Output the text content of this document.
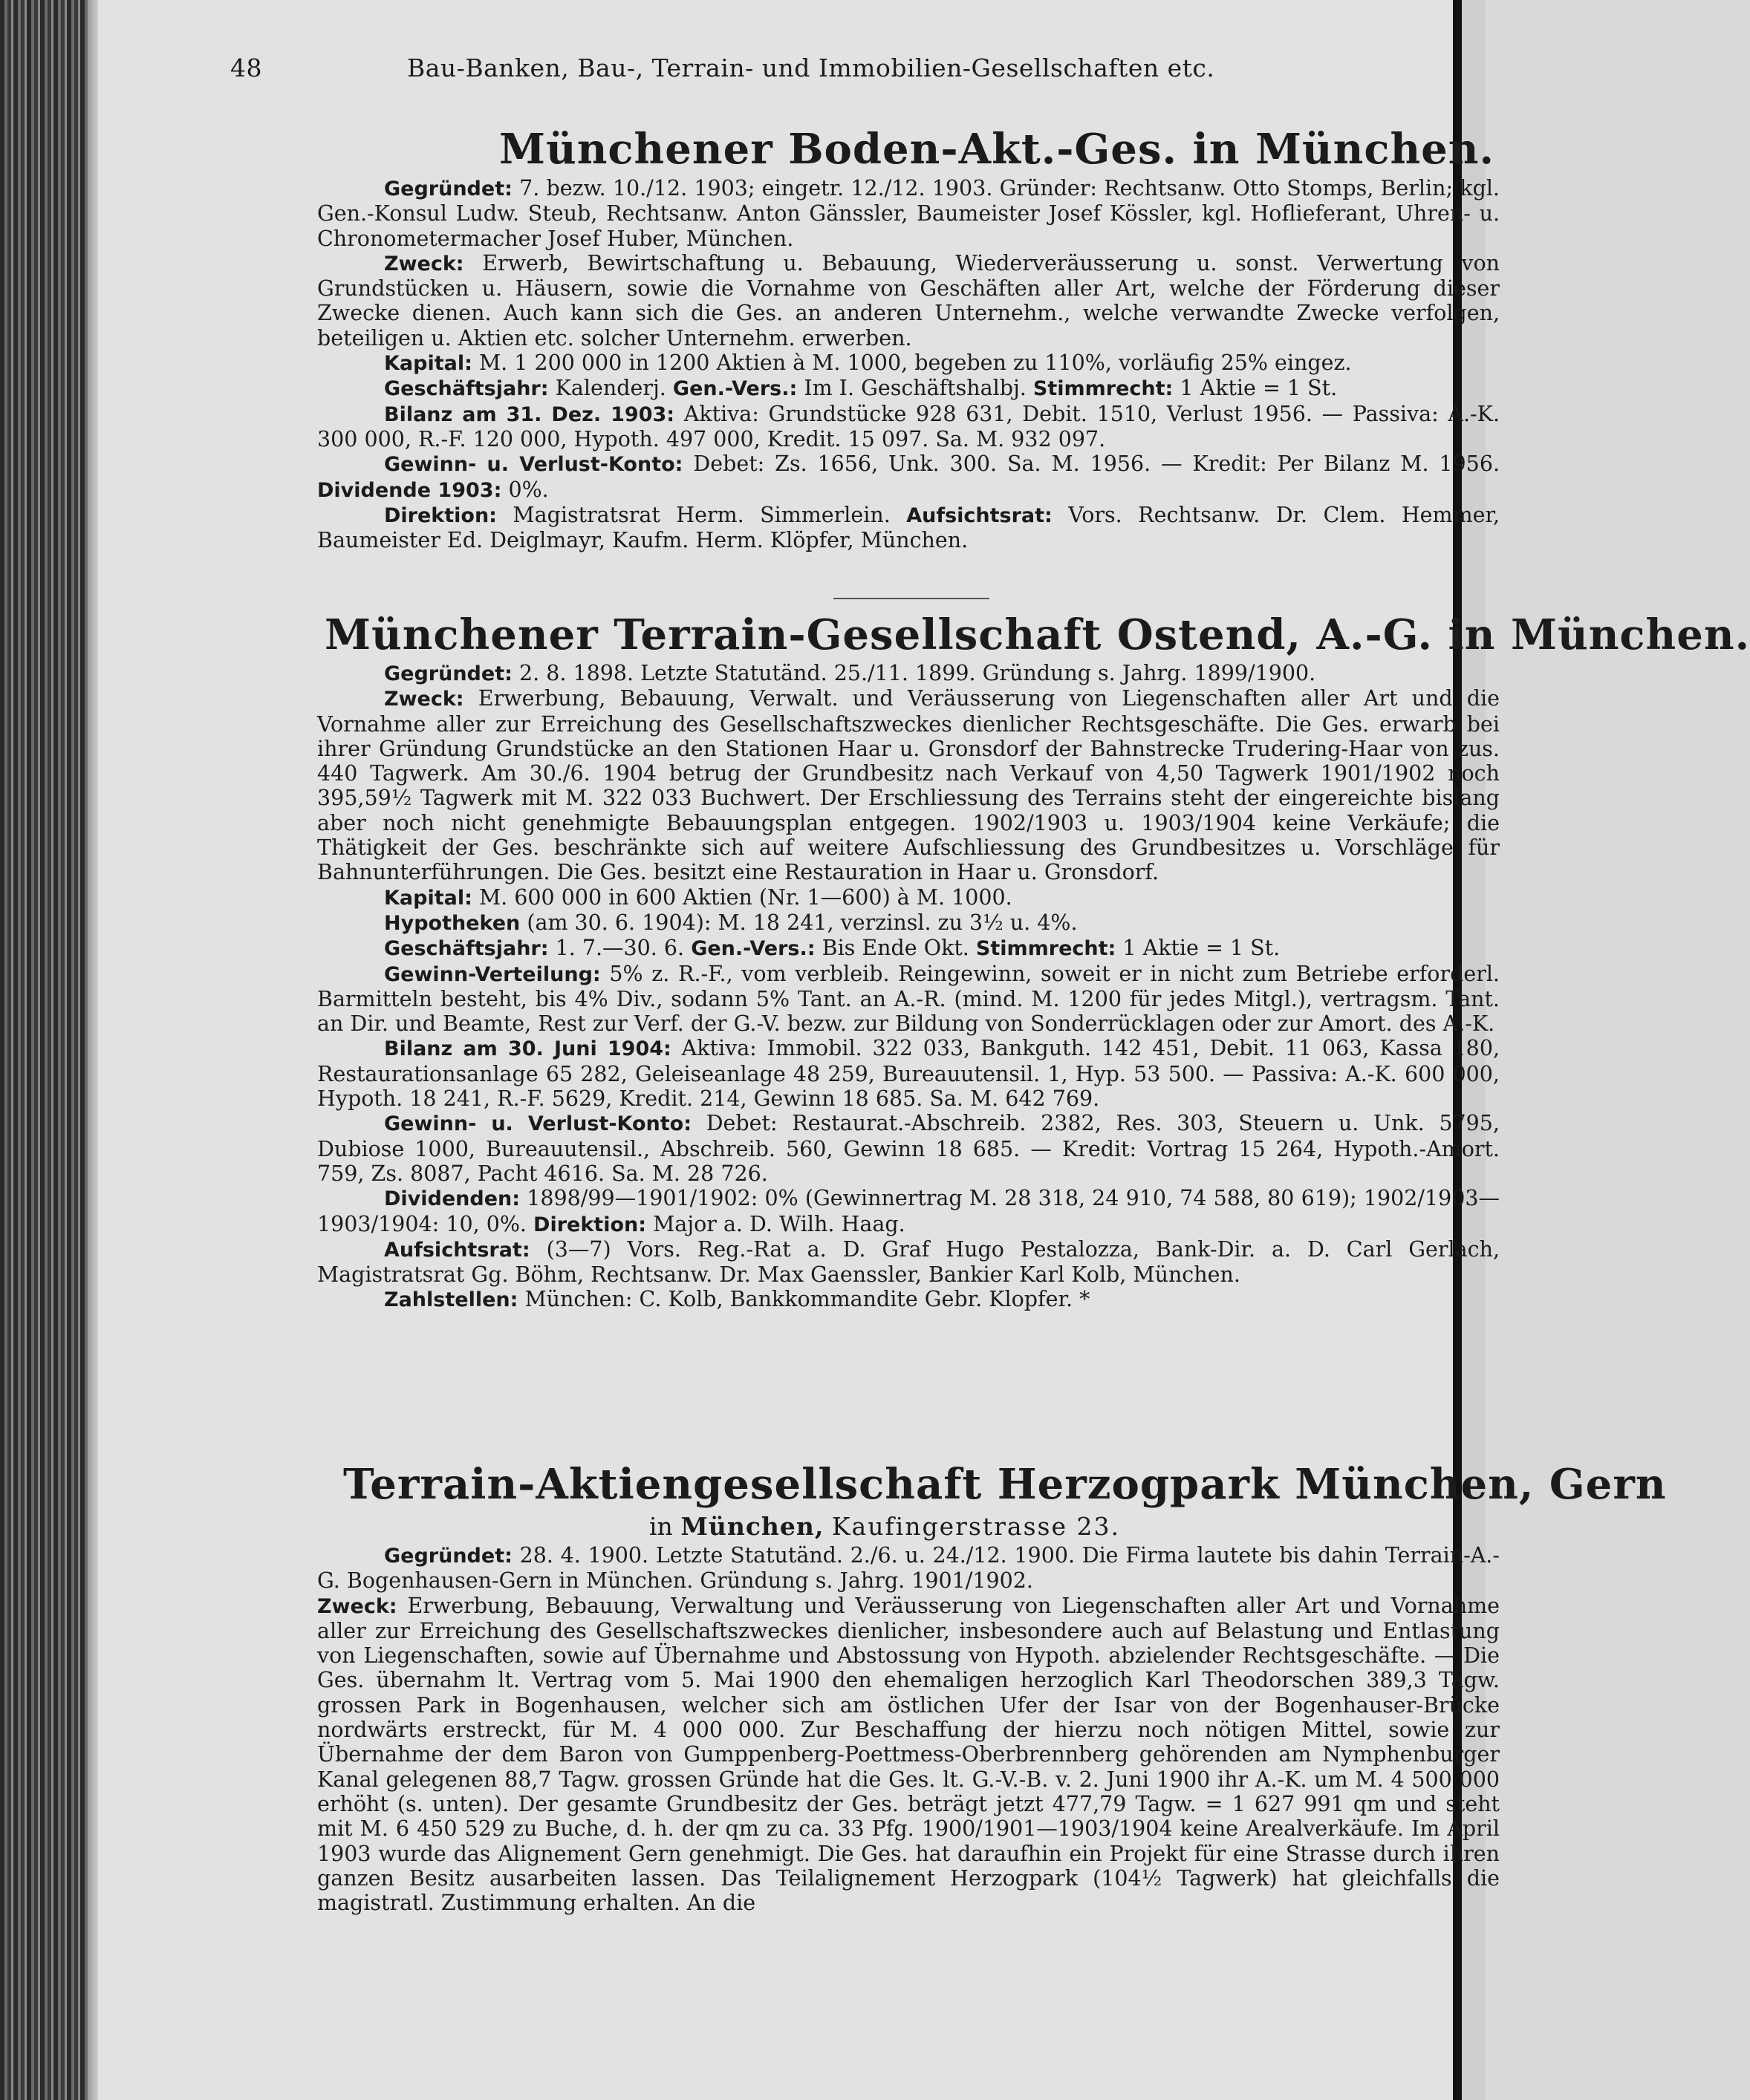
48	Bau-Banken, Bau-, Terrain- und Immobilien-Gesellschaften etc.
Münchener Boden-Akt.-Ges. in München.

Gegründet: 7. bezw. 10./12. 1903; eingetr. 12./12. 1903. Gründer: Rechtsanw. Otto Stomps, Berlin; kgl. Gen.-Konsul Ludw. Steub, Rechtsanw. Anton Gänssler, Baumeister Josef Kössler, kgl. Hoflieferant, Uhren- u. Chronometermacher Josef Huber, München.

Zweck: Erwerb, Bewirtschaftung u. Bebauung, Wiederveräusserung u. sonst. Verwertung von Grundstücken u. Häusern, sowie die Vornahme von Geschäften aller Art, welche der Förderung dieser Zwecke dienen. Auch kann sich die Ges. an anderen Unternehm., welche verwandte Zwecke verfolgen, beteiligen u. Aktien etc. solcher Unternehm. erwerben.

Kapital: M. 1 200 000 in 1200 Aktien à M. 1000, begeben zu 110%, vorläufig 25% eingez.

Geschäftsjahr: Kalenderj. Gen.-Vers.: Im I. Geschäftshalbj. Stimmrecht: 1 Aktie = 1 St.

Bilanz am 31. Dez. 1903: Aktiva: Grundstücke 928 631, Debit. 1510, Verlust 1956. — Passiva: A.-K. 300 000, R.-F. 120 000, Hypoth. 497 000, Kredit. 15 097. Sa. M. 932 097.

Gewinn- u. Verlust-Konto: Debet: Zs. 1656, Unk. 300. Sa. M. 1956. — Kredit: Per Bilanz M. 1956. Dividende 1903: 0%.

Direktion: Magistratsrat Herm. Simmerlein. Aufsichtsrat: Vors. Rechtsanw. Dr. Clem. Hemmer, Baumeister Ed. Deiglmayr, Kaufm. Herm. Klöpfer, München.

Münchener Terrain-Gesellschaft Ostend, A.-G. in München.

Gegründet: 2. 8. 1898. Letzte Statutänd. 25./11. 1899. Gründung s. Jahrg. 1899/1900.

Zweck: Erwerbung, Bebauung, Verwalt. und Veräusserung von Liegenschaften aller Art und die Vornahme aller zur Erreichung des Gesellschaftszweckes dienlicher Rechtsgeschäfte. Die Ges. erwarb bei ihrer Gründung Grundstücke an den Stationen Haar u. Gronsdorf der Bahnstrecke Trudering-Haar von zus. 440 Tagwerk. Am 30./6. 1904 betrug der Grundbesitz nach Verkauf von 4,50 Tagwerk 1901/1902 noch 395,59½ Tagwerk mit M. 322 033 Buchwert. Der Erschliessung des Terrains steht der eingereichte bislang aber noch nicht genehmigte Bebauungsplan entgegen. 1902/1903 u. 1903/1904 keine Verkäufe; die Thätigkeit der Ges. beschränkte sich auf weitere Aufschliessung des Grundbesitzes u. Vorschläge für Bahnunterführungen. Die Ges. besitzt eine Restauration in Haar u. Gronsdorf.

Kapital: M. 600 000 in 600 Aktien (Nr. 1—600) à M. 1000.

Hypotheken (am 30. 6. 1904): M. 18 241, verzinsl. zu 3½ u. 4%.

Geschäftsjahr: 1. 7.—30. 6. Gen.-Vers.: Bis Ende Okt. Stimmrecht: 1 Aktie = 1 St.

Gewinn-Verteilung: 5% z. R.-F., vom verbleib. Reingewinn, soweit er in nicht zum Betriebe erforderl. Barmitteln besteht, bis 4% Div., sodann 5% Tant. an A.-R. (mind. M. 1200 für jedes Mitgl.), vertragsm. Tant. an Dir. und Beamte, Rest zur Verf. der G.-V. bezw. zur Bildung von Sonderrücklagen oder zur Amort. des A.-K.

Bilanz am 30. Juni 1904: Aktiva: Immobil. 322 033, Bankguth. 142 451, Debit. 11 063, Kassa 180, Restaurationsanlage 65 282, Geleiseanlage 48 259, Bureauutensil. 1, Hyp. 53 500. — Passiva: A.-K. 600 000, Hypoth. 18 241, R.-F. 5629, Kredit. 214, Gewinn 18 685. Sa. M. 642 769.

Gewinn- u. Verlust-Konto: Debet: Restaurat.-Abschreib. 2382, Res. 303, Steuern u. Unk. 5795, Dubiose 1000, Bureauutensil., Abschreib. 560, Gewinn 18 685. — Kredit: Vortrag 15 264, Hypoth.-Amort. 759, Zs. 8087, Pacht 4616. Sa. M. 28 726.

Dividenden: 1898/99—1901/1902: 0% (Gewinnertrag M. 28 318, 24 910, 74 588, 80 619); 1902/1903—1903/1904: 10, 0%. Direktion: Major a. D. Wilh. Haag.

Aufsichtsrat: (3—7) Vors. Reg.-Rat a. D. Graf Hugo Pestalozza, Bank-Dir. a. D. Carl Gerlach, Magistratsrat Gg. Böhm, Rechtsanw. Dr. Max Gaenssler, Bankier Karl Kolb, München.

Zahlstellen: München: C. Kolb, Bankkommandite Gebr. Klopfer. *

Terrain-Aktiengesellschaft Herzogpark München, Gern
in München, Kaufingerstrasse 23.

Gegründet: 28. 4. 1900. Letzte Statutänd. 2./6. u. 24./12. 1900. Die Firma lautete bis dahin Terrain-A.-G. Bogenhausen-Gern in München. Gründung s. Jahrg. 1901/1902.

Zweck: Erwerbung, Bebauung, Verwaltung und Veräusserung von Liegenschaften aller Art und Vornahme aller zur Erreichung des Gesellschaftszweckes dienlicher, insbesondere auch auf Belastung und Entlastung von Liegenschaften, sowie auf Übernahme und Abstossung von Hypoth. abzielender Rechtsgeschäfte. — Die Ges. übernahm lt. Vertrag vom 5. Mai 1900 den ehemaligen herzoglich Karl Theodorschen 389,3 Tagw. grossen Park in Bogenhausen, welcher sich am östlichen Ufer der Isar von der Bogenhauser-Brücke nordwärts erstreckt, für M. 4 000 000. Zur Beschaffung der hierzu noch nötigen Mittel, sowie zur Übernahme der dem Baron von Gumppenberg-Poettmess-Oberbrennberg gehörenden am Nymphenburger Kanal gelegenen 88,7 Tagw. grossen Gründe hat die Ges. lt. G.-V.-B. v. 2. Juni 1900 ihr A.-K. um M. 4 500 000 erhöht (s. unten). Der gesamte Grundbesitz der Ges. beträgt jetzt 477,79 Tagw. = 1 627 991 qm und steht mit M. 6 450 529 zu Buche, d. h. der qm zu ca. 33 Pfg. 1900/1901—1903/1904 keine Arealverkäufe. Im April 1903 wurde das Alignement Gern genehmigt. Die Ges. hat daraufhin ein Projekt für eine Strasse durch ihren ganzen Besitz ausarbeiten lassen. Das Teilalignement Herzogpark (104½ Tagwerk) hat gleichfalls die magistratl. Zustimmung erhalten. An die
